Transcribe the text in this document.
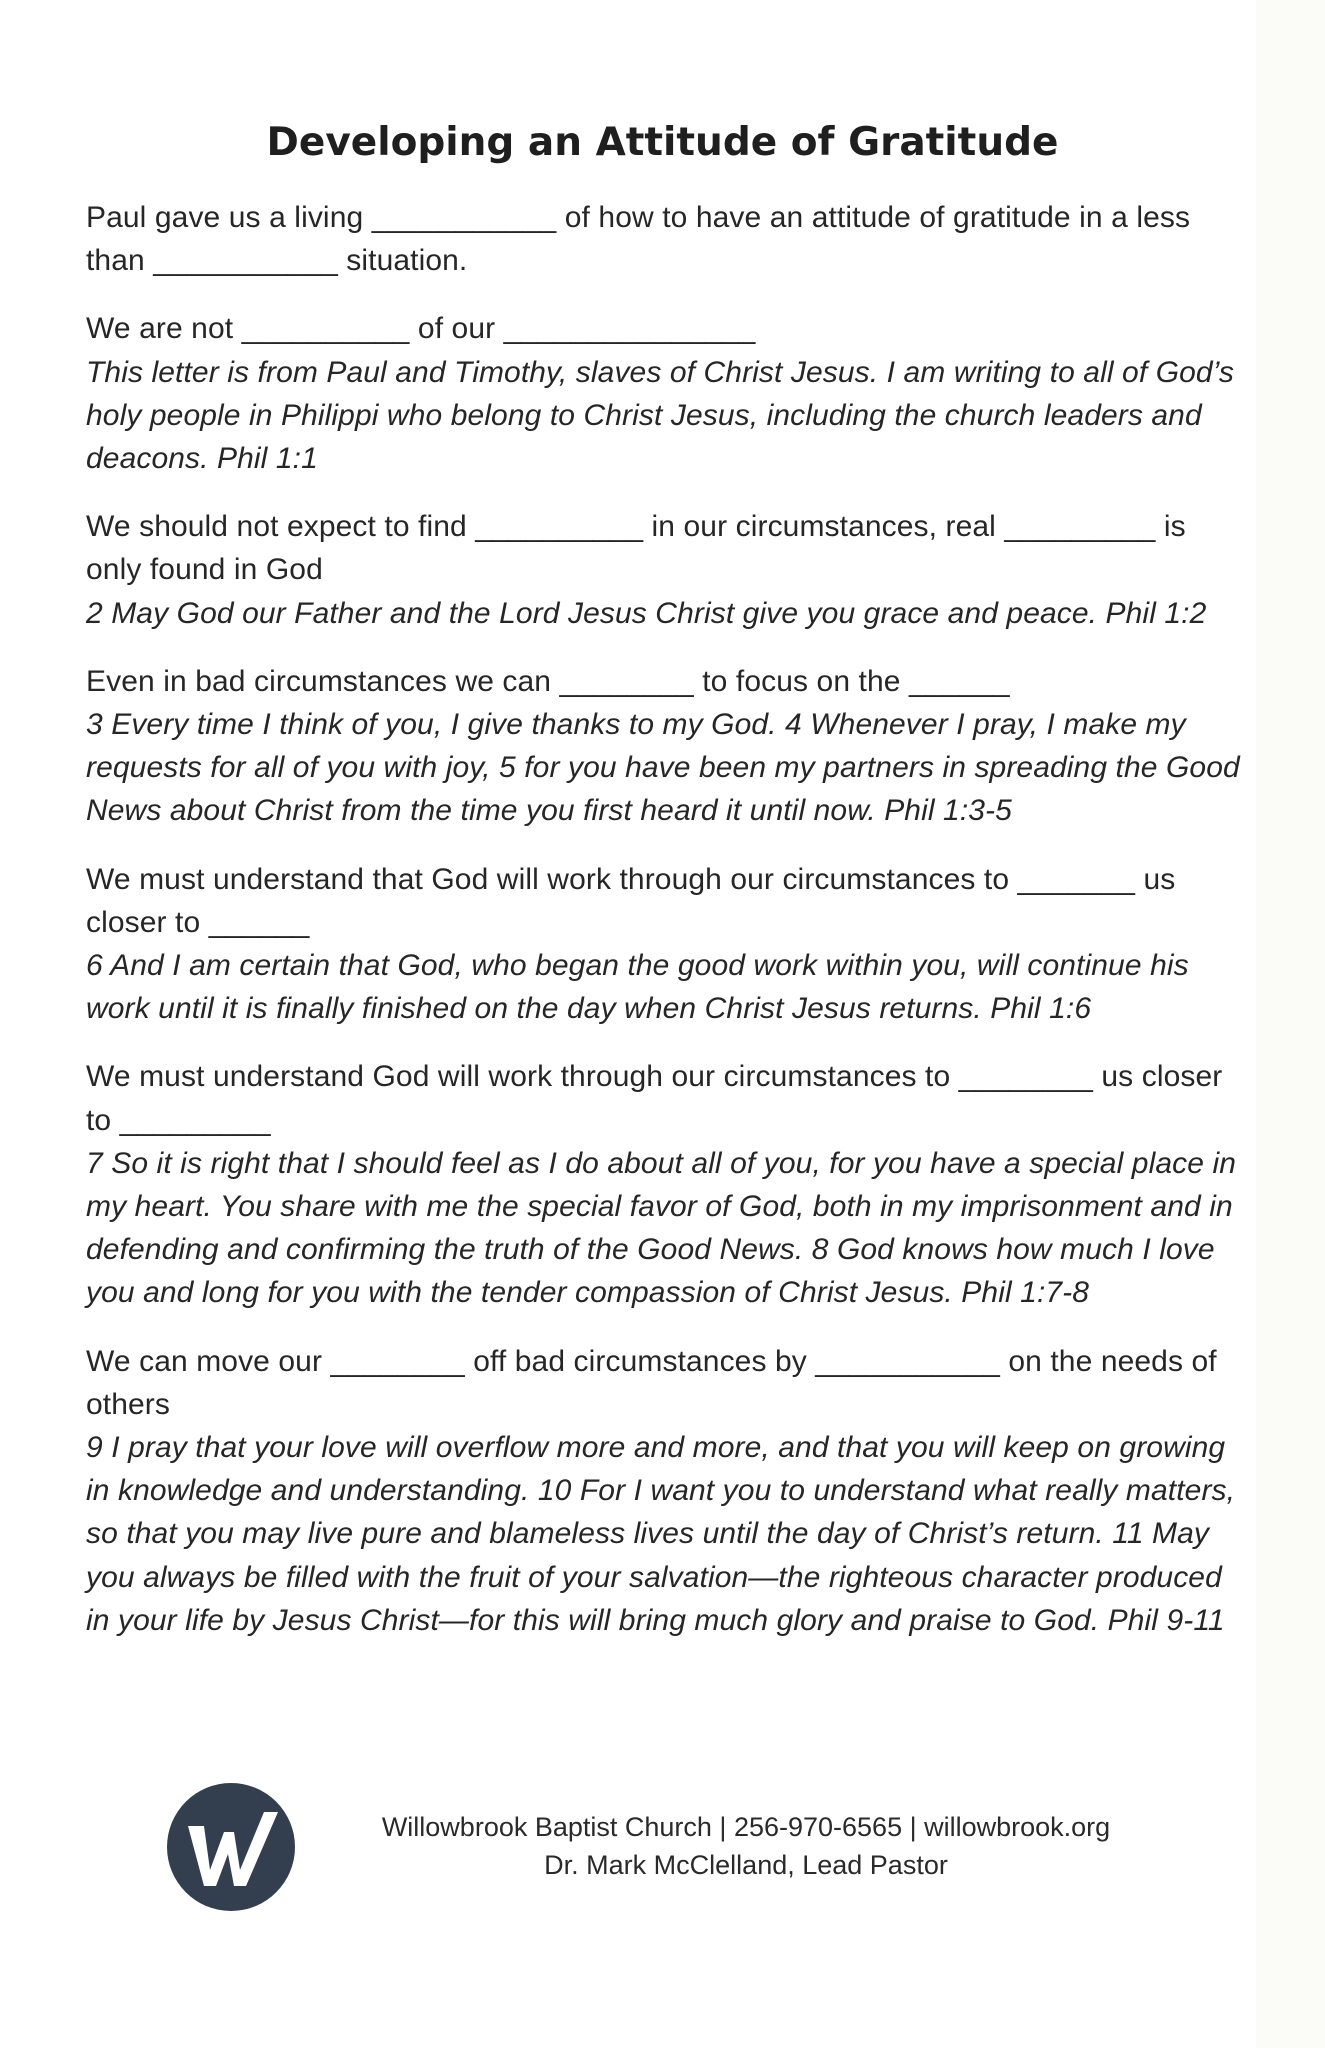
Developing an Attitude of Gratitude

Paul gave us a living ___________ of how to have an attitude of gratitude in a less than ___________ situation.

We are not __________ of our _______________

This letter is from Paul and Timothy, slaves of Christ Jesus. I am writing to all of God’s holy people in Philippi who belong to Christ Jesus, including the church leaders and deacons. Phil 1:1

We should not expect to find __________ in our circumstances, real _________ is only found in God

2 May God our Father and the Lord Jesus Christ give you grace and peace. Phil 1:2

Even in bad circumstances we can ________ to focus on the ______

3 Every time I think of you, I give thanks to my God. 4 Whenever I pray, I make my requests for all of you with joy, 5 for you have been my partners in spreading the Good News about Christ from the time you first heard it until now. Phil 1:3-5

We must understand that God will work through our circumstances to _______ us closer to ______

6 And I am certain that God, who began the good work within you, will continue his work until it is finally finished on the day when Christ Jesus returns. Phil 1:6

We must understand God will work through our circumstances to ________ us closer to _________

7 So it is right that I should feel as I do about all of you, for you have a special place in my heart. You share with me the special favor of God, both in my imprisonment and in defending and confirming the truth of the Good News. 8 God knows how much I love you and long for you with the tender compassion of Christ Jesus. Phil 1:7-8

We can move our ________ off bad circumstances by ___________ on the needs of others

9 I pray that your love will overflow more and more, and that you will keep on growing in knowledge and understanding. 10 For I want you to understand what really matters, so that you may live pure and blameless lives until the day of Christ’s return. 11 May you always be filled with the fruit of your salvation—the righteous character produced in your life by Jesus Christ—for this will bring much glory and praise to God. Phil 9-11

Willowbrook Baptist Church | 256-970-6565 | willowbrook.org
Dr. Mark McClelland, Lead Pastor
